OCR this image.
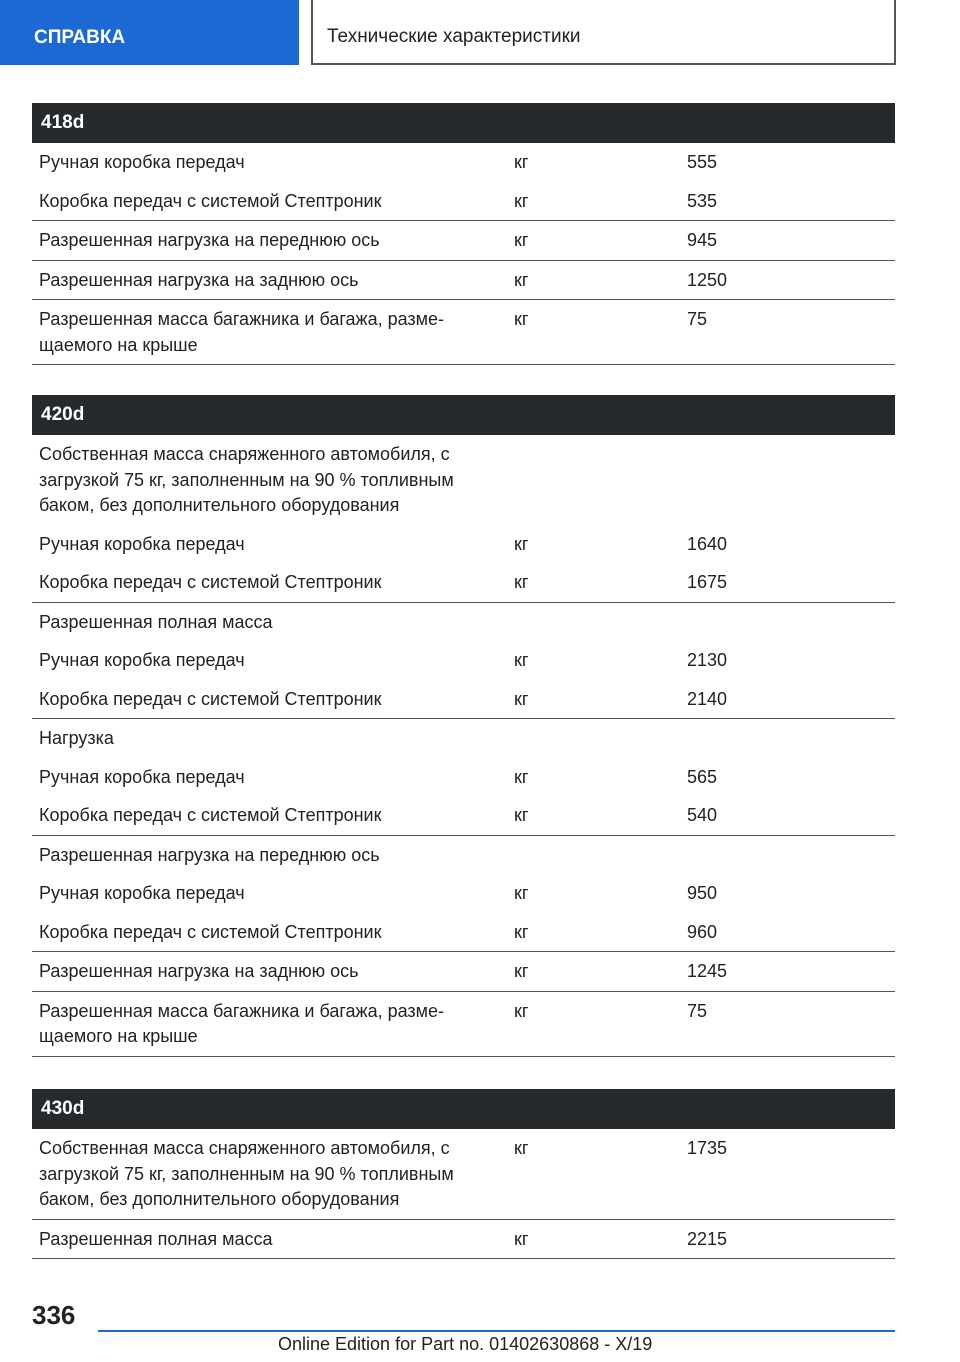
СПРАВКА	Технические характеристики
418d
Ручная коробка передач	кг	555
Коробка передач с системой Стептроник	кг	535
Разрешенная нагрузка на переднюю ось	кг	945
Разрешенная нагрузка на заднюю ось	кг	1250
Разрешенная масса багажника и багажа, разме-
щаемого на крыше
кг	75
420d
Собственная масса снаряженного автомобиля, с
загрузкой 75 кг, заполненным на 90 % топливным
баком, без дополнительного оборудования
Ручная коробка передач	кг	1640
Коробка передач с системой Стептроник	кг	1675
Разрешенная полная масса
Ручная коробка передач	кг	2130
Коробка передач с системой Стептроник	кг	2140
Нагрузка
Ручная коробка передач	кг	565
Коробка передач с системой Стептроник	кг	540
Разрешенная нагрузка на переднюю ось
Ручная коробка передач	кг	950
Коробка передач с системой Стептроник	кг	960
Разрешенная нагрузка на заднюю ось	кг	1245
Разрешенная масса багажника и багажа, разме-
щаемого на крыше
кг	75
430d
Собственная масса снаряженного автомобиля, с
загрузкой 75 кг, заполненным на 90 % топливным
баком, без дополнительного оборудования
кг	1735
Разрешенная полная масса	кг	2215
336
Online Edition for Part no. 01402630868 - X/19
